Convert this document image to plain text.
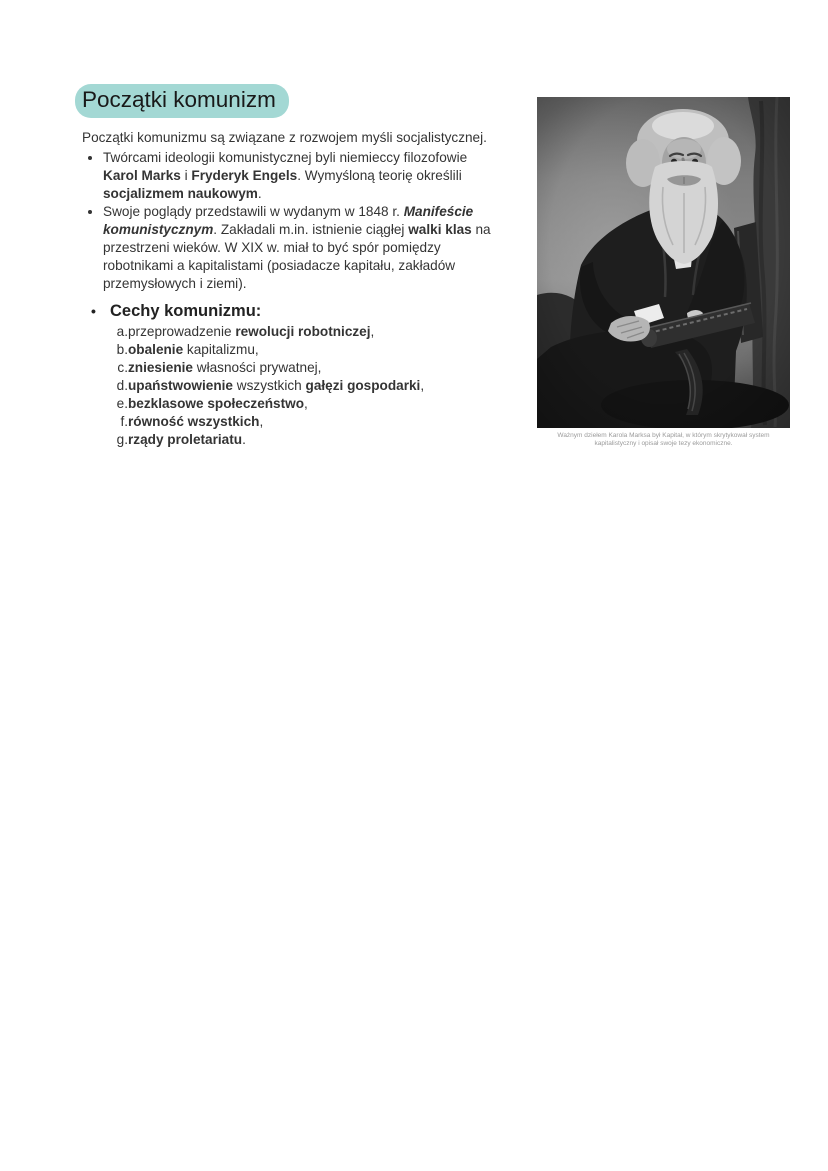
Początki komunizm

Początki komunizmu są związane z rozwojem myśli socjalistycznej.

• Twórcami ideologii komunistycznej byli niemieccy filozofowie Karol Marks i Fryderyk Engels. Wymyśloną teorię określili socjalizmem naukowym.
• Swoje poglądy przedstawili w wydanym w 1848 r. Manifeście komunistycznym. Zakładali m.in. istnienie ciągłej walki klas na przestrzeni wieków. W XIX w. miał to być spór pomiędzy robotnikami a kapitalistami (posiadacze kapitału, zakładów przemysłowych i ziemi).
• Cechy komunizmu:
a. przeprowadzenie rewolucji robotniczej,
b. obalenie kapitalizmu,
c. zniesienie własności prywatnej,
d. upaństwowienie wszystkich gałęzi gospodarki,
e. bezklasowe społeczeństwo,
f. równość wszystkich,
g. rządy proletariatu.	Ważnym dziełem Karola Marksa był Kapitał, w którym skrytykował system kapitalistyczny i opisał swoje tezy ekonomiczne.
